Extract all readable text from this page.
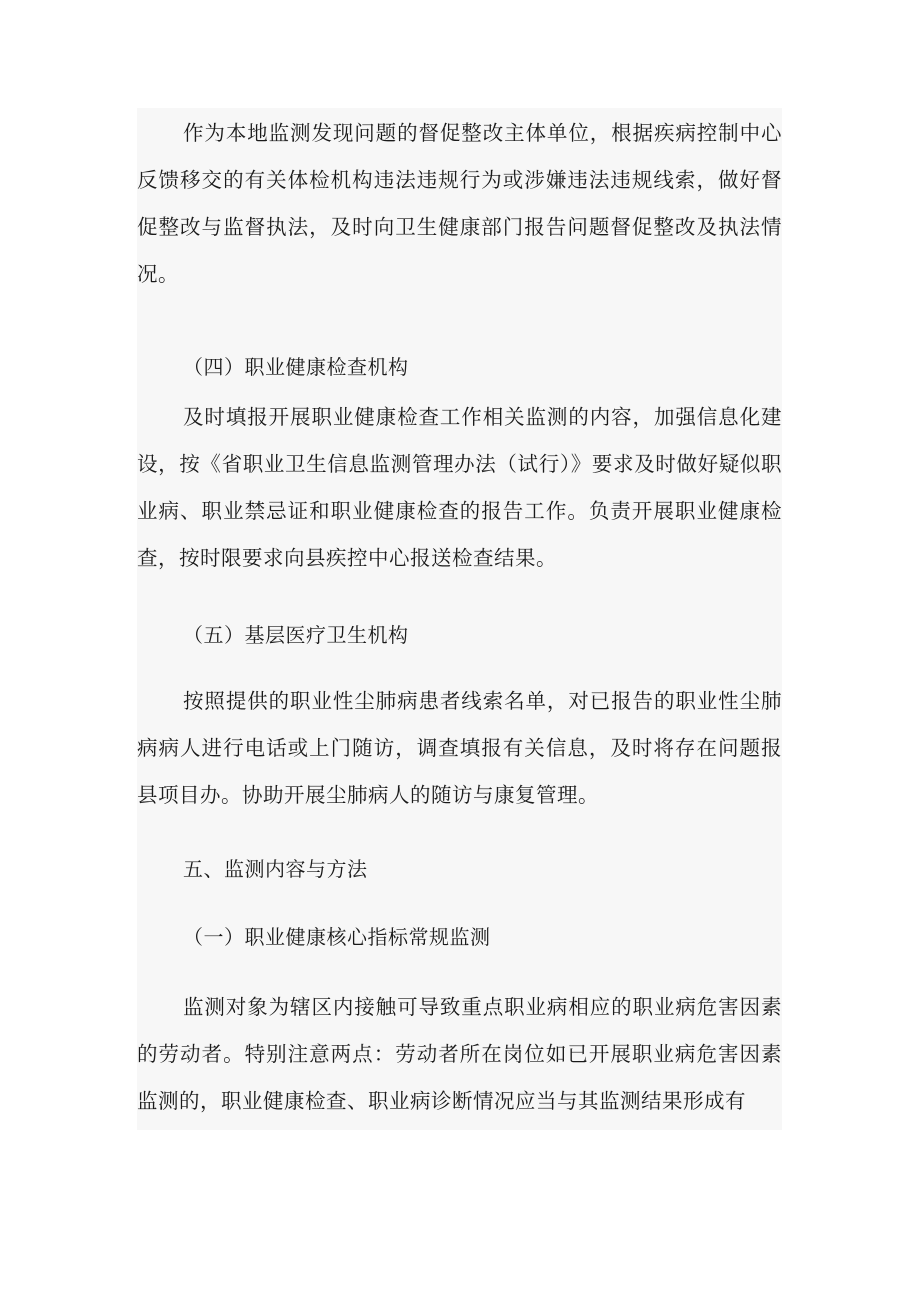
作为本地监测发现问题的督促整改主体单位，根据疾病控制中心反馈移交的有关体检机构违法违规行为或涉嫌违法违规线索，做好督促整改与监督执法，及时向卫生健康部门报告问题督促整改及执法情况。

（四）职业健康检查机构

及时填报开展职业健康检查工作相关监测的内容，加强信息化建设，按《省职业卫生信息监测管理办法（试行）》要求及时做好疑似职业病、职业禁忌证和职业健康检查的报告工作。负责开展职业健康检查，按时限要求向县疾控中心报送检查结果。

（五）基层医疗卫生机构

按照提供的职业性尘肺病患者线索名单，对已报告的职业性尘肺病病人进行电话或上门随访，调查填报有关信息，及时将存在问题报县项目办。协助开展尘肺病人的随访与康复管理。

五、监测内容与方法

（一）职业健康核心指标常规监测

监测对象为辖区内接触可导致重点职业病相应的职业病危害因素的劳动者。特别注意两点：劳动者所在岗位如已开展职业病危害因素监测的，职业健康检查、职业病诊断情况应当与其监测结果形成有
